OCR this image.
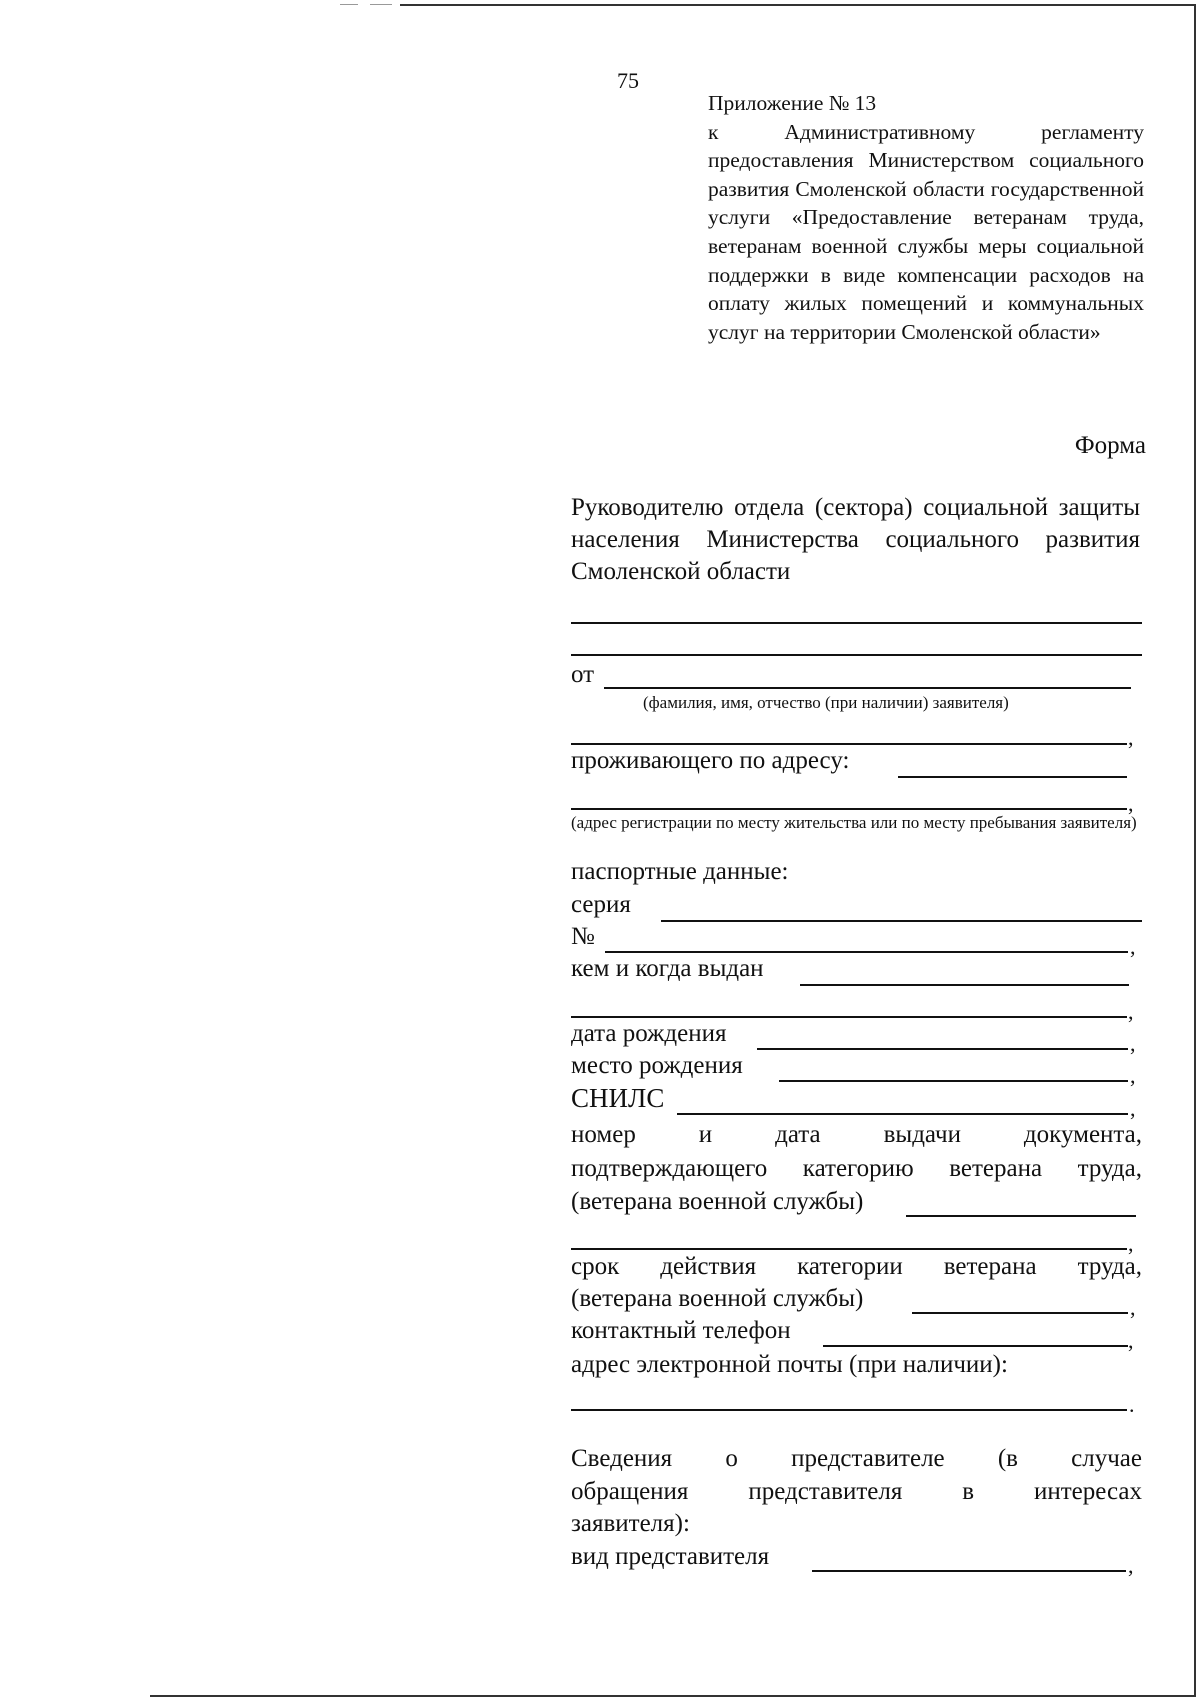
75
Приложение № 13
к Административному регламенту предоставления Министерством социального развития Смоленской области государственной услуги «Предоставление ветеранам труда, ветеранам военной службы меры социальной поддержки в виде компенсации расходов на оплату жилых помещений и коммунальных услуг на территории Смоленской области»
Форма
Руководителю отдела (сектора) социальной защиты населения Министерства социального развития Смоленской области
от
(фамилия, имя, отчество (при наличии) заявителя)
,
проживающего по адресу:
,
(адрес регистрации по месту жительства или по месту пребывания заявителя)
паспортные данные:
серия
№	,
кем и когда выдан
,
дата рождения	,
место рождения	,
СНИЛС	,
номер и дата выдачи документа,
подтверждающего категорию ветерана труда,
(ветерана военной службы)
,
срок действия категории ветерана труда,
(ветерана военной службы)	,
контактный телефон	,
адрес электронной почты (при наличии):
.
Сведения о представителе (в случае
обращения представителя в интересах
заявителя):
вид представителя	,
